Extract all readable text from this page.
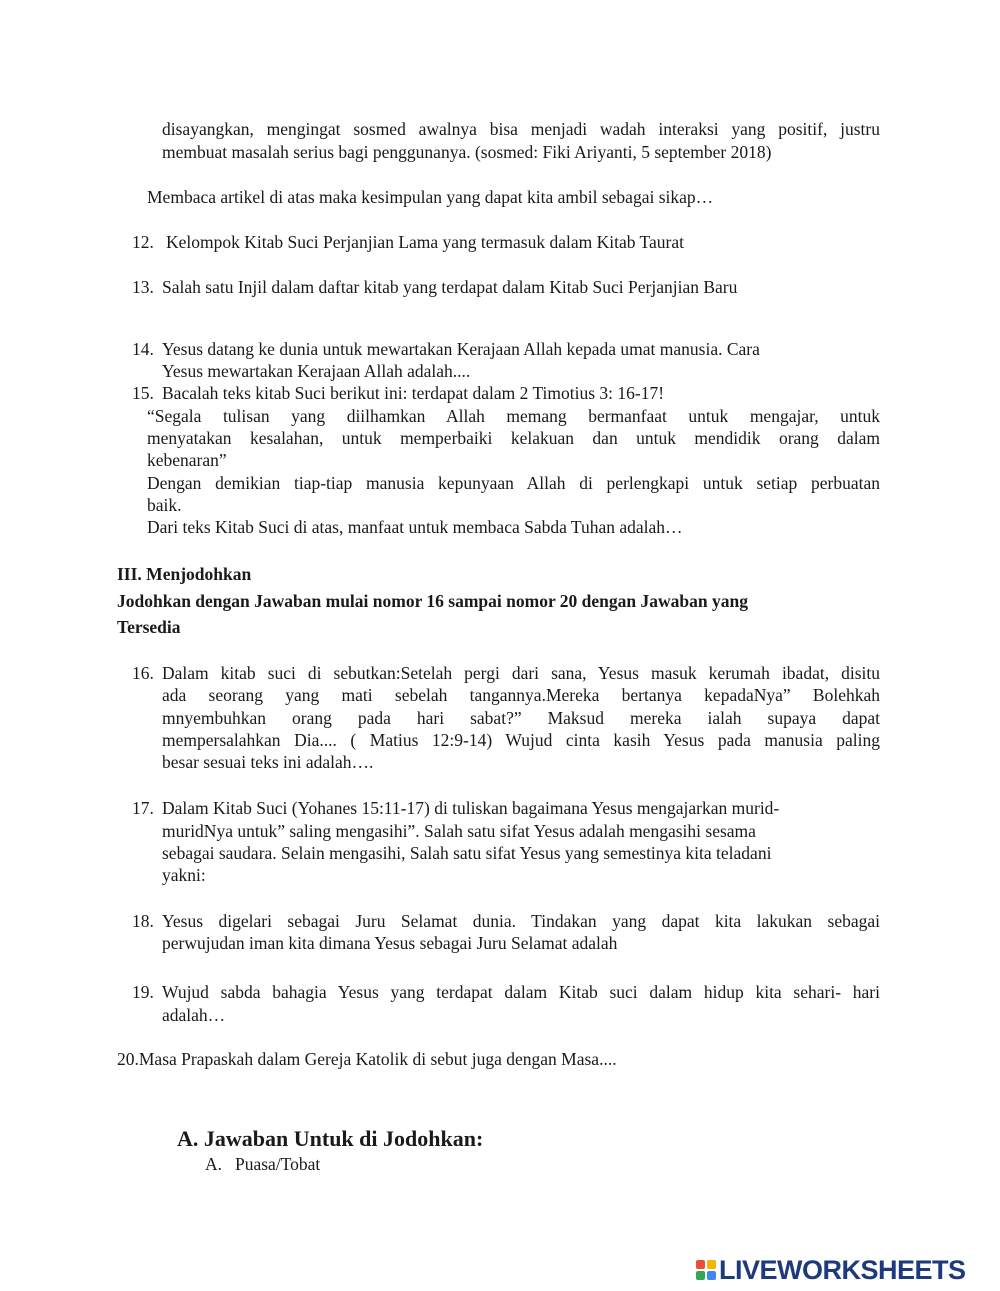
disayangkan, mengingat sosmed awalnya bisa menjadi wadah interaksi yang positif, justru
membuat masalah serius bagi penggunanya. (sosmed: Fiki Ariyanti, 5 september 2018)
Membaca artikel di atas maka kesimpulan yang dapat kita ambil sebagai sikap…
12. Kelompok Kitab Suci Perjanjian Lama yang termasuk dalam Kitab Taurat
13. Salah satu Injil dalam daftar kitab yang terdapat dalam Kitab Suci Perjanjian Baru
14. Yesus datang ke dunia untuk mewartakan Kerajaan Allah kepada umat manusia. Cara
Yesus mewartakan Kerajaan Allah adalah....
15. Bacalah teks kitab Suci berikut ini: terdapat dalam 2 Timotius 3: 16-17!
“Segala tulisan yang diilhamkan Allah memang bermanfaat untuk mengajar, untuk
menyatakan kesalahan, untuk memperbaiki kelakuan dan untuk mendidik orang dalam
kebenaran”
Dengan demikian tiap-tiap manusia kepunyaan Allah di perlengkapi untuk setiap perbuatan
baik.
Dari teks Kitab Suci di atas, manfaat untuk membaca Sabda Tuhan adalah…
III. Menjodohkan
Jodohkan dengan Jawaban mulai nomor 16 sampai nomor 20 dengan Jawaban yang
Tersedia
16. Dalam kitab suci di sebutkan:Setelah pergi dari sana, Yesus masuk kerumah ibadat, disitu
ada seorang yang mati sebelah tangannya.Mereka bertanya kepadaNya” Bolehkah
mnyembuhkan orang pada hari sabat?” Maksud mereka ialah supaya dapat
mempersalahkan Dia.... ( Matius 12:9-14) Wujud cinta kasih Yesus pada manusia paling
besar sesuai teks ini adalah….
17. Dalam Kitab Suci (Yohanes 15:11-17) di tuliskan bagaimana Yesus mengajarkan murid-
muridNya untuk” saling mengasihi”. Salah satu sifat Yesus adalah mengasihi sesama
sebagai saudara. Selain mengasihi, Salah satu sifat Yesus yang semestinya kita teladani
yakni:
18. Yesus digelari sebagai Juru Selamat dunia. Tindakan yang dapat kita lakukan sebagai
perwujudan iman kita dimana Yesus sebagai Juru Selamat adalah
19. Wujud sabda bahagia Yesus yang terdapat dalam Kitab suci dalam hidup kita sehari- hari
adalah…
20.Masa Prapaskah dalam Gereja Katolik di sebut juga dengan Masa....
A. Jawaban Untuk di Jodohkan:
A. Puasa/Tobat
LIVEWORKSHEETS
